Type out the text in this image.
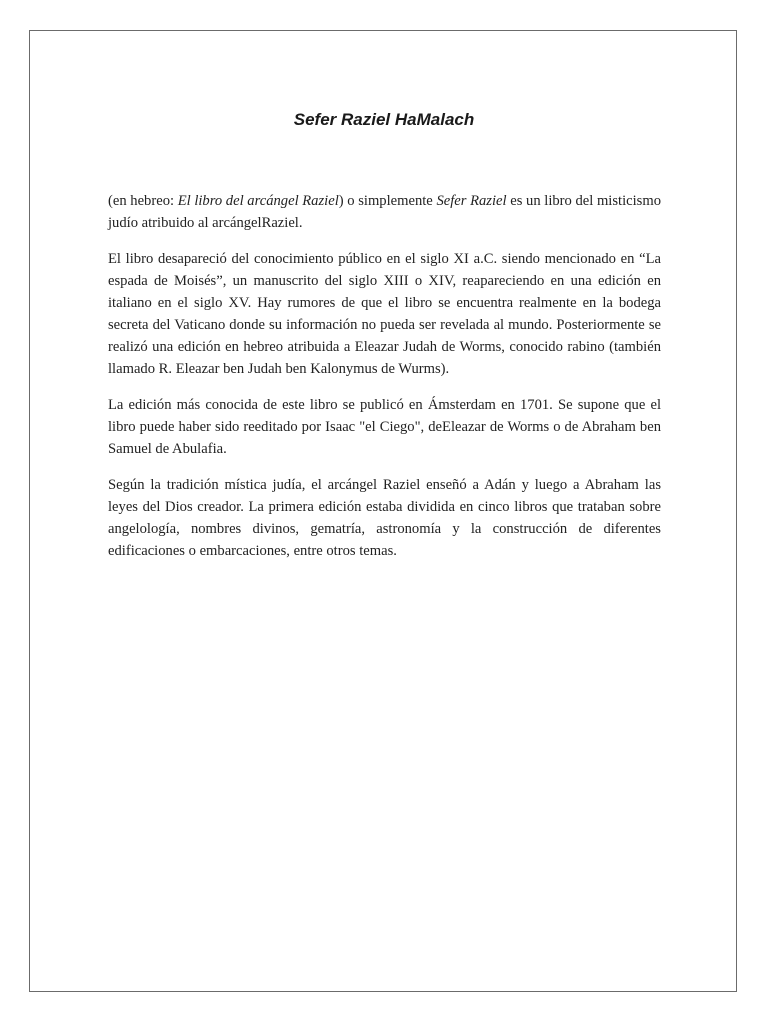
Sefer Raziel HaMalach

(en hebreo: El libro del arcángel Raziel) o simplemente Sefer Raziel es un libro del misticismo judío atribuido al arcángelRaziel.

El libro desapareció del conocimiento público en el siglo XI a.C. siendo mencionado en “La espada de Moisés”, un manuscrito del siglo XIII o XIV, reapareciendo en una edición en italiano en el siglo XV. Hay rumores de que el libro se encuentra realmente en la bodega secreta del Vaticano donde su información no pueda ser revelada al mundo. Posteriormente se realizó una edición en hebreo atribuida a Eleazar Judah de Worms, conocido rabino (también llamado R. Eleazar ben Judah ben Kalonymus de Wurms).

La edición más conocida de este libro se publicó en Ámsterdam en 1701. Se supone que el libro puede haber sido reeditado por Isaac "el Ciego", deEleazar de Worms o de Abraham ben Samuel de Abulafia.

Según la tradición mística judía, el arcángel Raziel enseñó a Adán y luego a Abraham las leyes del Dios creador. La primera edición estaba dividida en cinco libros que trataban sobre angelología, nombres divinos, gematría, astronomía y la construcción de diferentes edificaciones o embarcaciones, entre otros temas.
